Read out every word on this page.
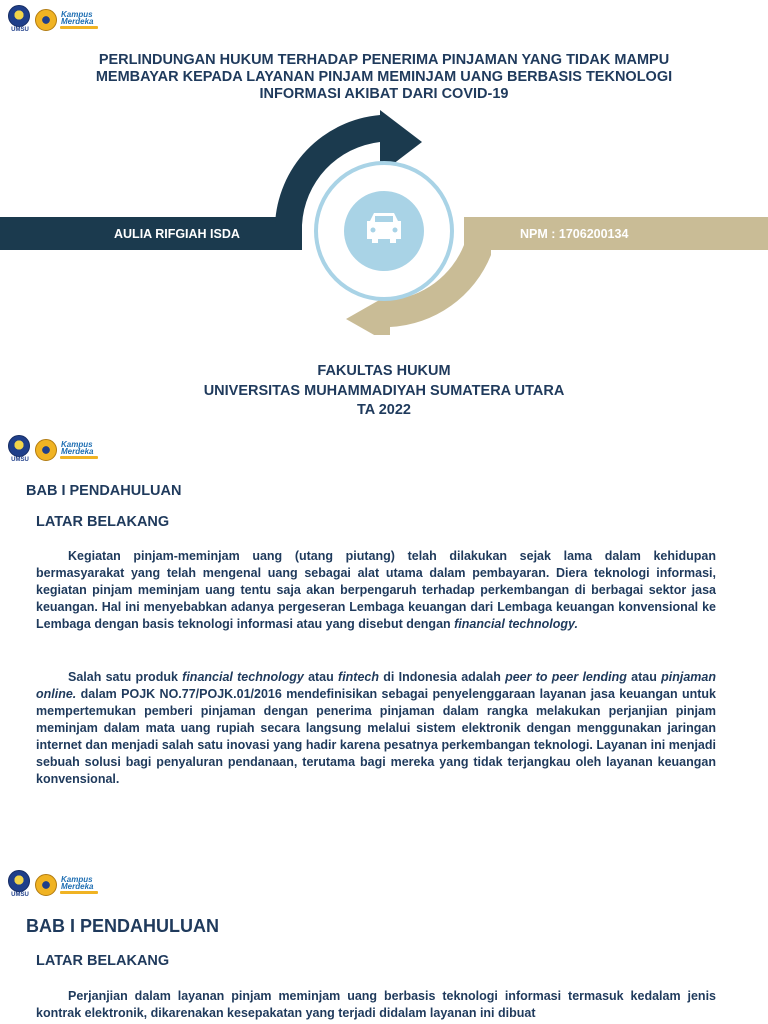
UMSU
Kampus
Merdeka
PERLINDUNGAN HUKUM TERHADAP PENERIMA PINJAMAN YANG TIDAK MAMPU
MEMBAYAR KEPADA LAYANAN PINJAM MEMINJAM UANG BERBASIS TEKNOLOGI
INFORMASI AKIBAT DARI COVID-19
AULIA RIFGIAH ISDA	NPM : 1706200134
FAKULTAS HUKUM
UNIVERSITAS MUHAMMADIYAH SUMATERA UTARA
TA 2022
UMSU
Kampus
Merdeka
BAB I PENDAHULUAN
LATAR BELAKANG

Kegiatan pinjam-meminjam uang (utang piutang) telah dilakukan sejak lama dalam kehidupan bermasyarakat yang telah mengenal uang sebagai alat utama dalam pembayaran. Diera teknologi informasi, kegiatan pinjam meminjam uang tentu saja akan berpengaruh terhadap perkembangan di berbagai sektor jasa keuangan. Hal ini menyebabkan adanya pergeseran Lembaga keuangan dari Lembaga keuangan konvensional ke Lembaga dengan basis teknologi informasi atau yang disebut dengan financial technology.

Salah satu produk financial technology atau fintech di Indonesia adalah peer to peer lending atau pinjaman online. dalam POJK NO.77/POJK.01/2016 mendefinisikan sebagai penyelenggaraan layanan jasa keuangan untuk mempertemukan pemberi pinjaman dengan penerima pinjaman dalam rangka melakukan perjanjian pinjam meminjam dalam mata uang rupiah secara langsung melalui sistem elektronik dengan menggunakan jaringan internet dan menjadi salah satu inovasi yang hadir karena pesatnya perkembangan teknologi. Layanan ini menjadi sebuah solusi bagi penyaluran pendanaan, terutama bagi mereka yang tidak terjangkau oleh layanan keuangan konvensional.

UMSU
Kampus
Merdeka
BAB I PENDAHULUAN
LATAR BELAKANG

Perjanjian dalam layanan pinjam meminjam uang berbasis teknologi informasi termasuk kedalam jenis kontrak elektronik, dikarenakan kesepakatan yang terjadi didalam layanan ini dibuat
